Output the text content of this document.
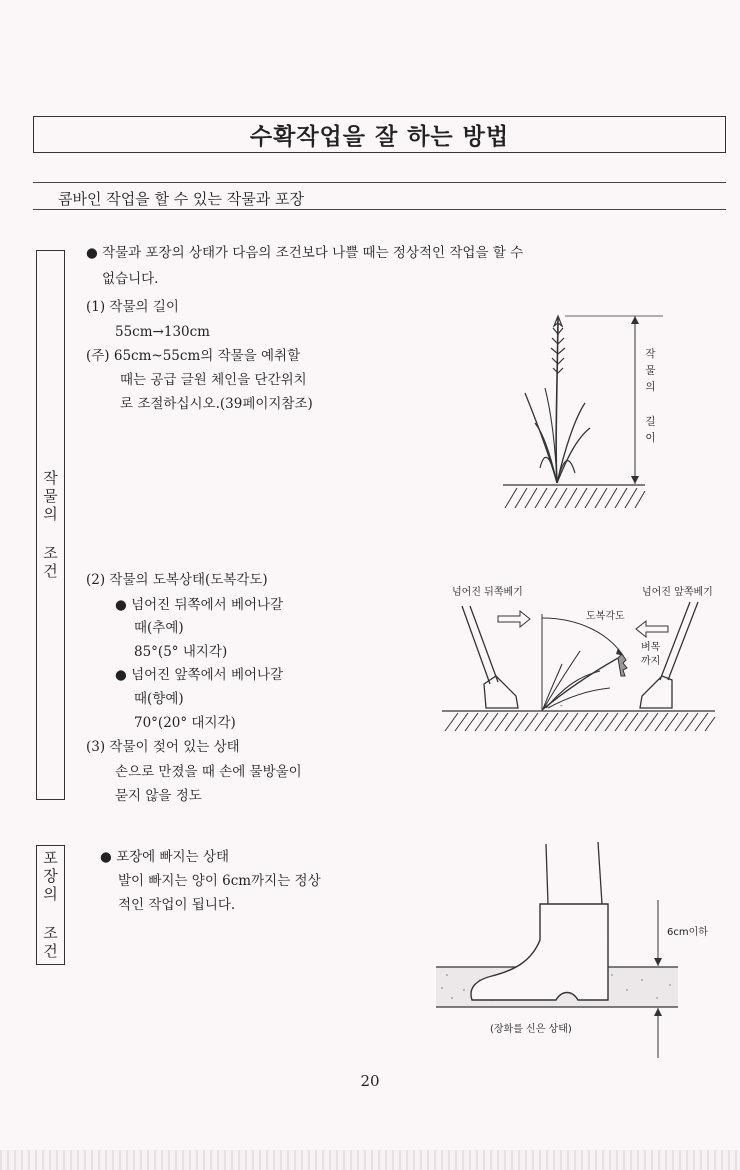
수확작업을 잘 하는 방법
콤바인 작업을 할 수 있는 작물과 포장
작물의 조건
● 작물과 포장의 상태가 다음의 조건보다 나쁠 때는 정상적인 작업을 할 수
없습니다.
(1) 작물의 길이
55cm→130cm
(주) 65cm~55cm의 작물을 예취할
때는 공급 글원 체인을 단간위치
로 조절하십시오.(39페이지참조)
(2) 작물의 도복상태(도복각도)
● 넘어진 뒤쪽에서 베어나갈
때(추예)
85°(5° 내지각)
● 넘어진 앞쪽에서 베어나갈
때(향예)
70°(20° 대지각)
(3) 작물이 젖어 있는 상태
손으로 만졌을 때 손에 물방울이
묻지 않을 정도
작물의 길이
-
넘어진 뒤쪽베기	넘어진 앞쪽베기
도복각도
벼목
까지
포장의 조건	● 포장에 빠지는 상태
발이 빠지는 양이 6cm까지는 정상
적인 작업이 됩니다.
6cm이하
(장화를 신은 상태)
20
